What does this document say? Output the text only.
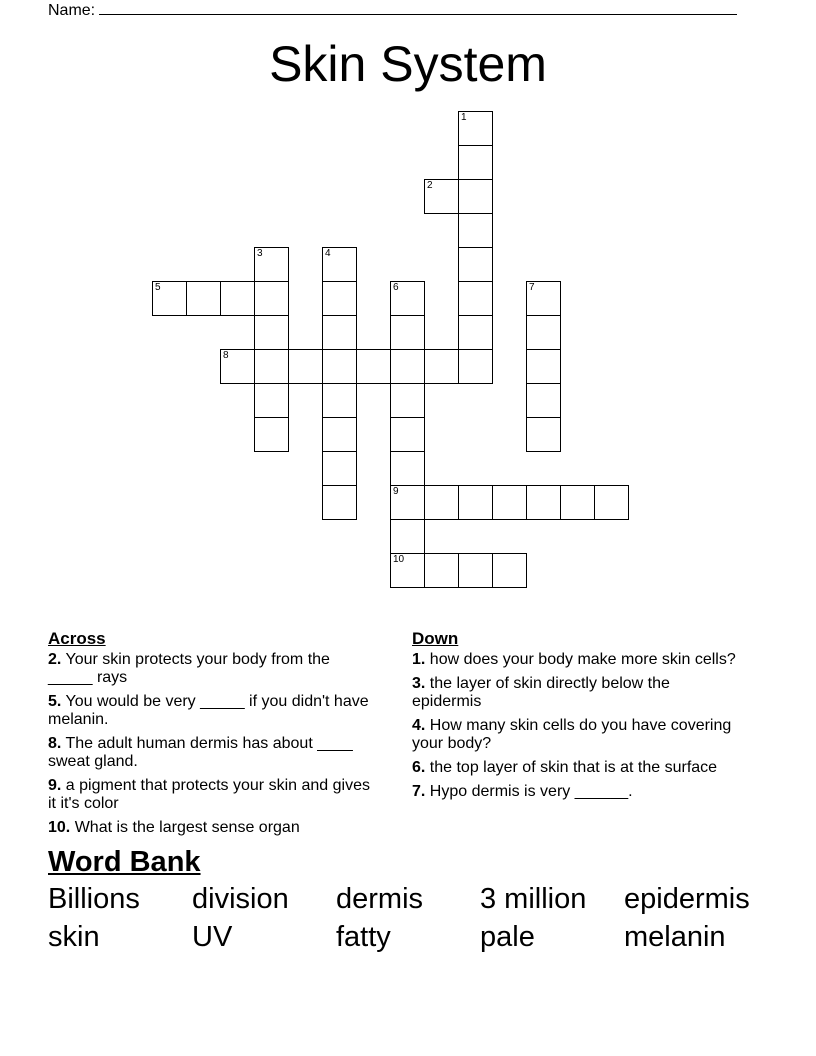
Name:
Skin System
1
2
3	4
5	6	7
8
9
10
Across
2. Your skin protects your body from the _____ rays
5. You would be very _____ if you didn't have melanin.
8. The adult human dermis has about ____ sweat gland.
9. a pigment that protects your skin and gives it it's color
10. What is the largest sense organ
Down
1. how does your body make more skin cells?
3. the layer of skin directly below the epidermis
4. How many skin cells do you have covering your body?
6. the top layer of skin that is at the surface
7. Hypo dermis is very ______.
Word Bank
Billions	division	dermis	3 million	epidermis
skin	UV	fatty	pale	melanin
